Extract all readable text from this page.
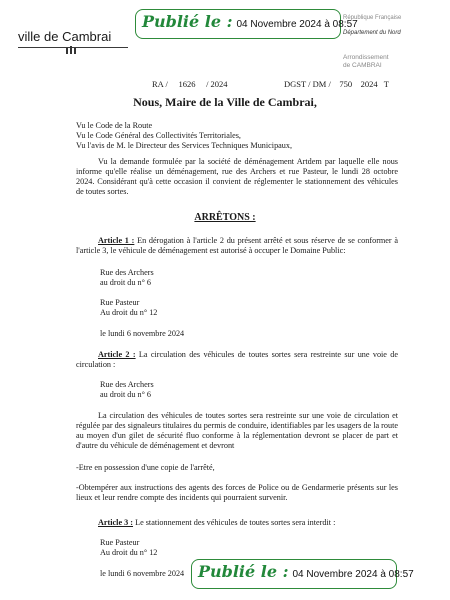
ville de Cambrai
Publié le : 04 Novembre 2024 à 08:57
République Française
Département du Nord
Arrondissement
de CAMBRAI
RA /     1626     / 2024	DGST / DM /    750    2024   T
Nous, Maire de la Ville de Cambrai,
Vu le Code de la Route
Vu le Code Général des Collectivités Territoriales,
Vu l'avis de M. le Directeur des Services Techniques Municipaux,
Vu la demande formulée par la société de déménagement Artdem par laquelle elle nous informe qu'elle réalise un déménagement, rue des Archers et rue Pasteur, le lundi 28 octobre 2024. Considérant qu'à cette occasion il convient de réglementer le stationnement des véhicules de toutes sortes.
ARRÊTONS :
Article 1 : En dérogation à l'article 2 du présent arrêté et sous réserve de se conformer à l'article 3, le véhicule de déménagement est autorisé à occuper le Domaine Public:
Rue des Archers
au droit du n° 6
Rue Pasteur
Au droit du n° 12
le lundi 6 novembre 2024
Article 2 : La circulation des véhicules de toutes sortes sera restreinte sur une voie de circulation :
Rue des Archers
au droit du n° 6
La circulation des véhicules de toutes sortes sera restreinte sur une voie de circulation et régulée par des signaleurs titulaires du permis de conduire, identifiables par les usagers de la route au moyen d'un gilet de sécurité fluo conforme à la réglementation devront se placer de part et d'autre du véhicule de déménagement et devront
-Etre en possession d'une copie de l'arrêté,
-Obtempérer aux instructions des agents des forces de Police ou de Gendarmerie présents sur les lieux et leur rendre compte des incidents qui pourraient survenir.
Article 3 : Le stationnement des véhicules de toutes sortes sera interdit :
Rue Pasteur
Au droit du n° 12
le lundi 6 novembre 2024 Publié le : 04 Novembre 2024 à 08:57
